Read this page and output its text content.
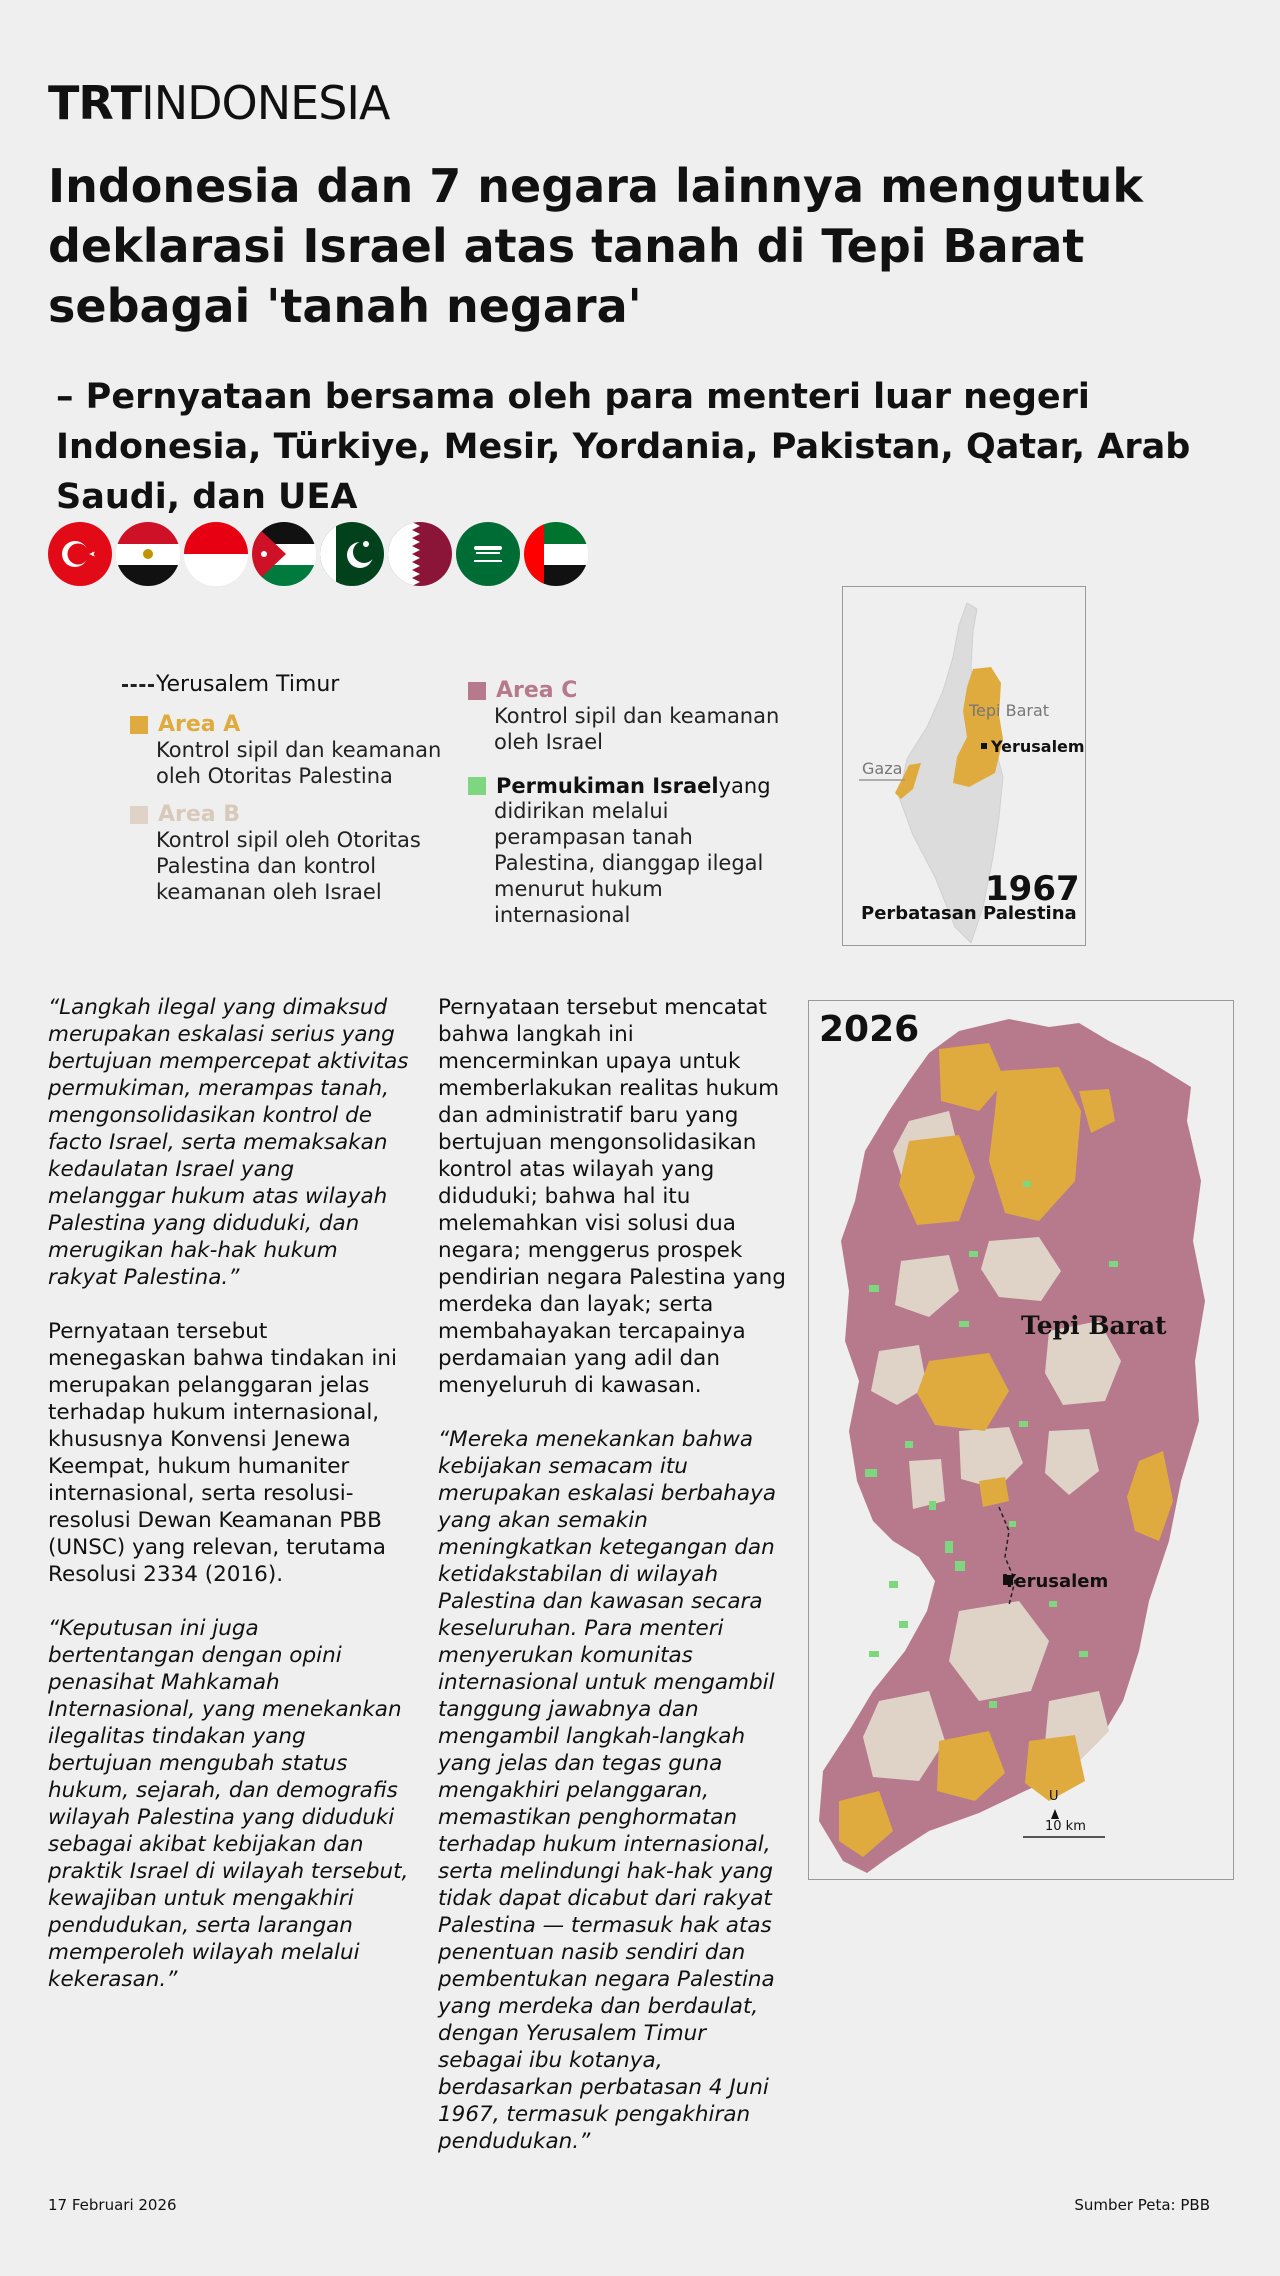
TRTINDONESIA
Indonesia dan 7 negara lainnya mengutuk deklarasi Israel atas tanah di Tepi Barat sebagai 'tanah negara'
– Pernyataan bersama oleh para menteri luar negeri Indonesia, Türkiye, Mesir, Yordania, Pakistan, Qatar, Arab Saudi, dan UEA
Yerusalem Timur
Area A
Kontrol sipil dan keamanan oleh Otoritas Palestina
Area B
Kontrol sipil oleh Otoritas Palestina dan kontrol keamanan oleh Israel
Area C
Kontrol sipil dan keamanan oleh Israel
Permukiman Israel yang
didirikan melalui perampasan tanah Palestina, dianggap ilegal menurut hukum internasional
Tepi Barat
Gaza
Yerusalem
1967
Perbatasan Palestina

“Langkah ilegal yang dimaksud merupakan eskalasi serius yang bertujuan mempercepat aktivitas permukiman, merampas tanah, mengonsolidasikan kontrol de facto Israel, serta memaksakan kedaulatan Israel yang melanggar hukum atas wilayah Palestina yang diduduki, dan merugikan hak-hak hukum rakyat Palestina.”

Pernyataan tersebut menegaskan bahwa tindakan ini merupakan pelanggaran jelas terhadap hukum internasional, khususnya Konvensi Jenewa Keempat, hukum humaniter internasional, serta resolusi-resolusi Dewan Keamanan PBB (UNSC) yang relevan, terutama Resolusi 2334 (2016).

“Keputusan ini juga bertentangan dengan opini penasihat Mahkamah Internasional, yang menekankan ilegalitas tindakan yang bertujuan mengubah status hukum, sejarah, dan demografis wilayah Palestina yang diduduki sebagai akibat kebijakan dan praktik Israel di wilayah tersebut, kewajiban untuk mengakhiri pendudukan, serta larangan memperoleh wilayah melalui kekerasan.”

Pernyataan tersebut mencatat bahwa langkah ini mencerminkan upaya untuk memberlakukan realitas hukum dan administratif baru yang bertujuan mengonsolidasikan kontrol atas wilayah yang diduduki; bahwa hal itu melemahkan visi solusi dua negara; menggerus prospek pendirian negara Palestina yang merdeka dan layak; serta membahayakan tercapainya perdamaian yang adil dan menyeluruh di kawasan.

“Mereka menekankan bahwa kebijakan semacam itu merupakan eskalasi berbahaya yang akan semakin meningkatkan ketegangan dan ketidakstabilan di wilayah Palestina dan kawasan secara keseluruhan. Para menteri menyerukan komunitas internasional untuk mengambil tanggung jawabnya dan mengambil langkah-langkah yang jelas dan tegas guna mengakhiri pelanggaran, memastikan penghormatan terhadap hukum internasional, serta melindungi hak-hak yang tidak dapat dicabut dari rakyat Palestina — termasuk hak atas penentuan nasib sendiri dan pembentukan negara Palestina yang merdeka dan berdaulat, dengan Yerusalem Timur sebagai ibu kotanya, berdasarkan perbatasan 4 Juni 1967, termasuk pengakhiran pendudukan.”

2026
Tepi Barat
Yerusalem
U
10 km
17 Februari 2026	Sumber Peta: PBB
